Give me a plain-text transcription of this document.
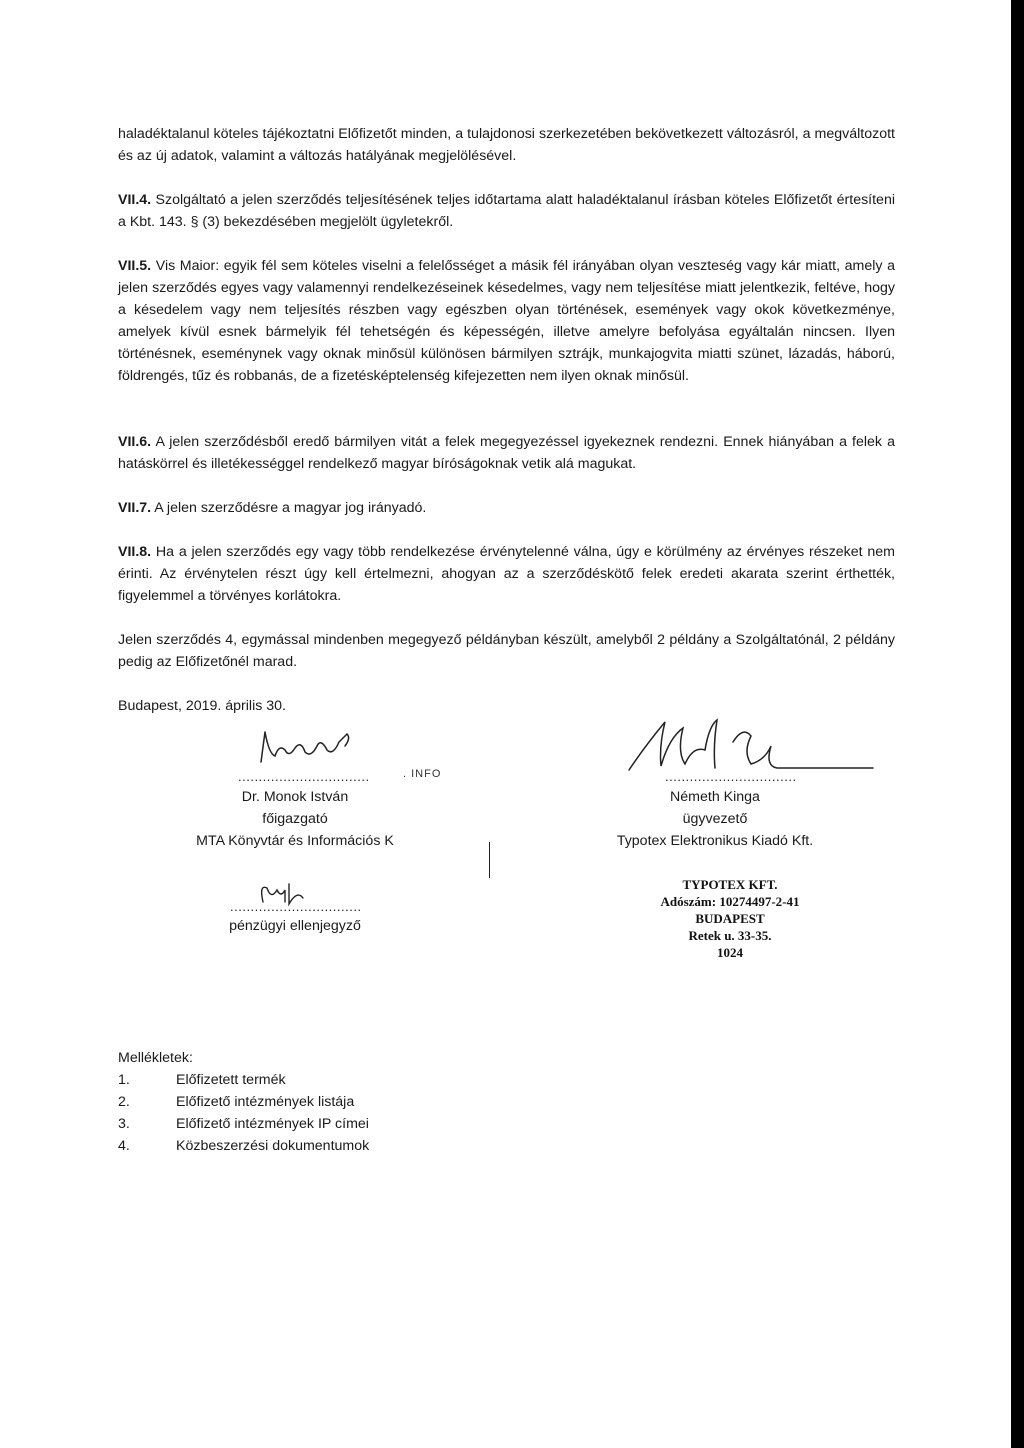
haladéktalanul köteles tájékoztatni Előfizetőt minden, a tulajdonosi szerkezetében bekövetkezett változásról, a megváltozott és az új adatok, valamint a változás hatályának megjelölésével.

VII.4. Szolgáltató a jelen szerződés teljesítésének teljes időtartama alatt haladéktalanul írásban köteles Előfizetőt értesíteni a Kbt. 143. § (3) bekezdésében megjelölt ügyletekről.

VII.5. Vis Maior: egyik fél sem köteles viselni a felelősséget a másik fél irányában olyan veszteség vagy kár miatt, amely a jelen szerződés egyes vagy valamennyi rendelkezéseinek késedelmes, vagy nem teljesítése miatt jelentkezik, feltéve, hogy a késedelem vagy nem teljesítés részben vagy egészben olyan történések, események vagy okok következménye, amelyek kívül esnek bármelyik fél tehetségén és képességén, illetve amelyre befolyása egyáltalán nincsen. Ilyen történésnek, eseménynek vagy oknak minősül különösen bármilyen sztrájk, munkajogvita miatti szünet, lázadás, háború, földrengés, tűz és robbanás, de a fizetésképtelenség kifejezetten nem ilyen oknak minősül.

VII.6. A jelen szerződésből eredő bármilyen vitát a felek megegyezéssel igyekeznek rendezni. Ennek hiányában a felek a hatáskörrel és illetékességgel rendelkező magyar bíróságoknak vetik alá magukat.

VII.7. A jelen szerződésre a magyar jog irányadó.

VII.8. Ha a jelen szerződés egy vagy több rendelkezése érvénytelenné válna, úgy e körülmény az érvényes részeket nem érinti. Az érvénytelen részt úgy kell értelmezni, ahogyan az a szerződéskötő felek eredeti akarata szerint érthették, figyelemmel a törvényes korlátokra.

Jelen szerződés 4, egymással mindenben megegyező példányban készült, amelyből 2 példány a Szolgáltatónál, 2 példány pedig az Előfizetőnél marad.

Budapest, 2019. április 30.

................................	. INFO
Dr. Monok István
főigazgató
MTA Könyvtár és Információs K
................................
Németh Kinga
ügyvezető
Typotex Elektronikus Kiadó Kft.
................................
pénzügyi ellenjegyző
TYPOTEX KFT.
Adószám: 10274497-2-41
BUDAPEST
Retek u. 33-35.
1024
Mellékletek:
1.	Előfizetett termék
2.	Előfizető intézmények listája
3.	Előfizető intézmények IP címei
4.	Közbeszerzési dokumentumok
